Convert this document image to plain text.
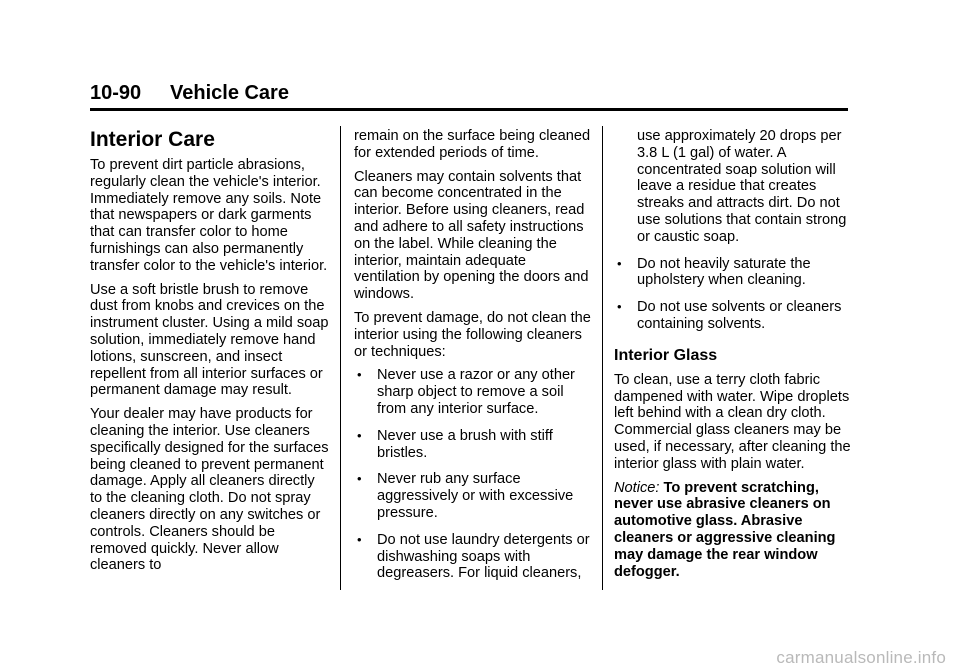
10-90 Vehicle Care
Interior Care

To prevent dirt particle abrasions, regularly clean the vehicle's interior. Immediately remove any soils. Note that newspapers or dark garments that can transfer color to home furnishings can also permanently transfer color to the vehicle's interior.

Use a soft bristle brush to remove dust from knobs and crevices on the instrument cluster. Using a mild soap solution, immediately remove hand lotions, sunscreen, and insect repellent from all interior surfaces or permanent damage may result.

Your dealer may have products for cleaning the interior. Use cleaners specifically designed for the surfaces being cleaned to prevent permanent damage. Apply all cleaners directly to the cleaning cloth. Do not spray cleaners directly on any switches or controls. Cleaners should be removed quickly. Never allow cleaners to

remain on the surface being cleaned for extended periods of time.

Cleaners may contain solvents that can become concentrated in the interior. Before using cleaners, read and adhere to all safety instructions on the label. While cleaning the interior, maintain adequate ventilation by opening the doors and windows.

To prevent damage, do not clean the interior using the following cleaners or techniques:

• Never use a razor or any other sharp object to remove a soil from any interior surface.
• Never use a brush with stiff bristles.
• Never rub any surface aggressively or with excessive pressure.
• Do not use laundry detergents or dishwashing soaps with degreasers. For liquid cleaners,

use approximately 20 drops per 3.8 L (1 gal) of water. A concentrated soap solution will leave a residue that creates streaks and attracts dirt. Do not use solutions that contain strong or caustic soap.

• Do not heavily saturate the upholstery when cleaning.
• Do not use solvents or cleaners containing solvents.
Interior Glass

To clean, use a terry cloth fabric dampened with water. Wipe droplets left behind with a clean dry cloth. Commercial glass cleaners may be used, if necessary, after cleaning the interior glass with plain water.

Notice: To prevent scratching, never use abrasive cleaners on automotive glass. Abrasive cleaners or aggressive cleaning may damage the rear window defogger.

carmanualsonline.info
